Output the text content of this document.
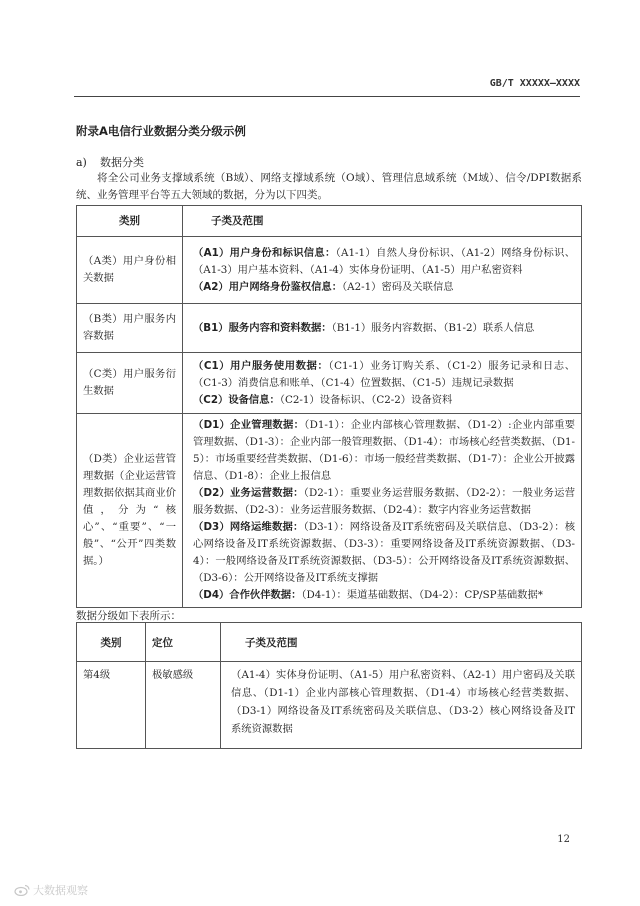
GB/T XXXXX—XXXX
附录A电信行业数据分类分级示例
a) 数据分类
将全公司业务支撑域系统（B域）、网络支撑域系统（O域）、管理信息域系统（M域）、信令/DPI数据系统、业务管理平台等五大领域的数据，分为以下四类。
类别	子类及范围
（A类）用户身份相关数据	（A1）用户身份和标识信息：（A1-1）自然人身份标识、（A1-2）网络身份标识、（A1-3）用户基本资料、（A1-4）实体身份证明、（A1-5）用户私密资料
（A2）用户网络身份鉴权信息：（A2-1）密码及关联信息

（B类）用户服务内容数据	（B1）服务内容和资料数据：（B1-1）服务内容数据、（B1-2）联系人信息

（C类）用户服务衍生数据	（C1）用户服务使用数据：（C1-1）业务订购关系、（C1-2）服务记录和日志、（C1-3）消费信息和账单、（C1-4）位置数据、（C1-5）违规记录数据
（C2）设备信息：（C2-1）设备标识、（C2-2）设备资料

（D类）企业运营管理数据（企业运营管理数据依据其商业价值，分为“核心”、“重要”、“一般”、“公开”四类数据。）	（D1）企业管理数据：（D1-1）：企业内部核心管理数据、（D1-2）:企业内部重要管理数据、（D1-3）：企业内部一般管理数据、（D1-4）：市场核心经营类数据、（D1-5）：市场重要经营类数据、（D1-6）：市场一般经营类数据、（D1-7）：企业公开披露信息、（D1-8）：企业上报信息
（D2）业务运营数据：（D2-1）：重要业务运营服务数据、（D2-2）：一般业务运营服务数据、（D2-3）：业务运营服务数据、（D2-4）：数字内容业务运营数据
（D3）网络运维数据：（D3-1）：网络设备及IT系统密码及关联信息、（D3-2）：核心网络设备及IT系统资源数据、（D3-3）：重要网络设备及IT系统资源数据、（D3-4）：一般网络设备及IT系统资源数据、（D3-5）：公开网络设备及IT系统资源数据、（D3-6）：公开网络设备及IT系统支撑据
（D4）合作伙伴数据：（D4-1）：渠道基础数据、（D4-2）：CP/SP基础数据*
数据分级如下表所示：
类别	定位	子类及范围
第4级	极敏感级	（A1-4）实体身份证明、（A1-5）用户私密资料、（A2-1）用户密码及关联信息、（D1-1）企业内部核心管理数据、（D1-4）市场核心经营类数据、（D3-1）网络设备及IT系统密码及关联信息、（D3-2）核心网络设备及IT系统资源数据
12
大数据观察
